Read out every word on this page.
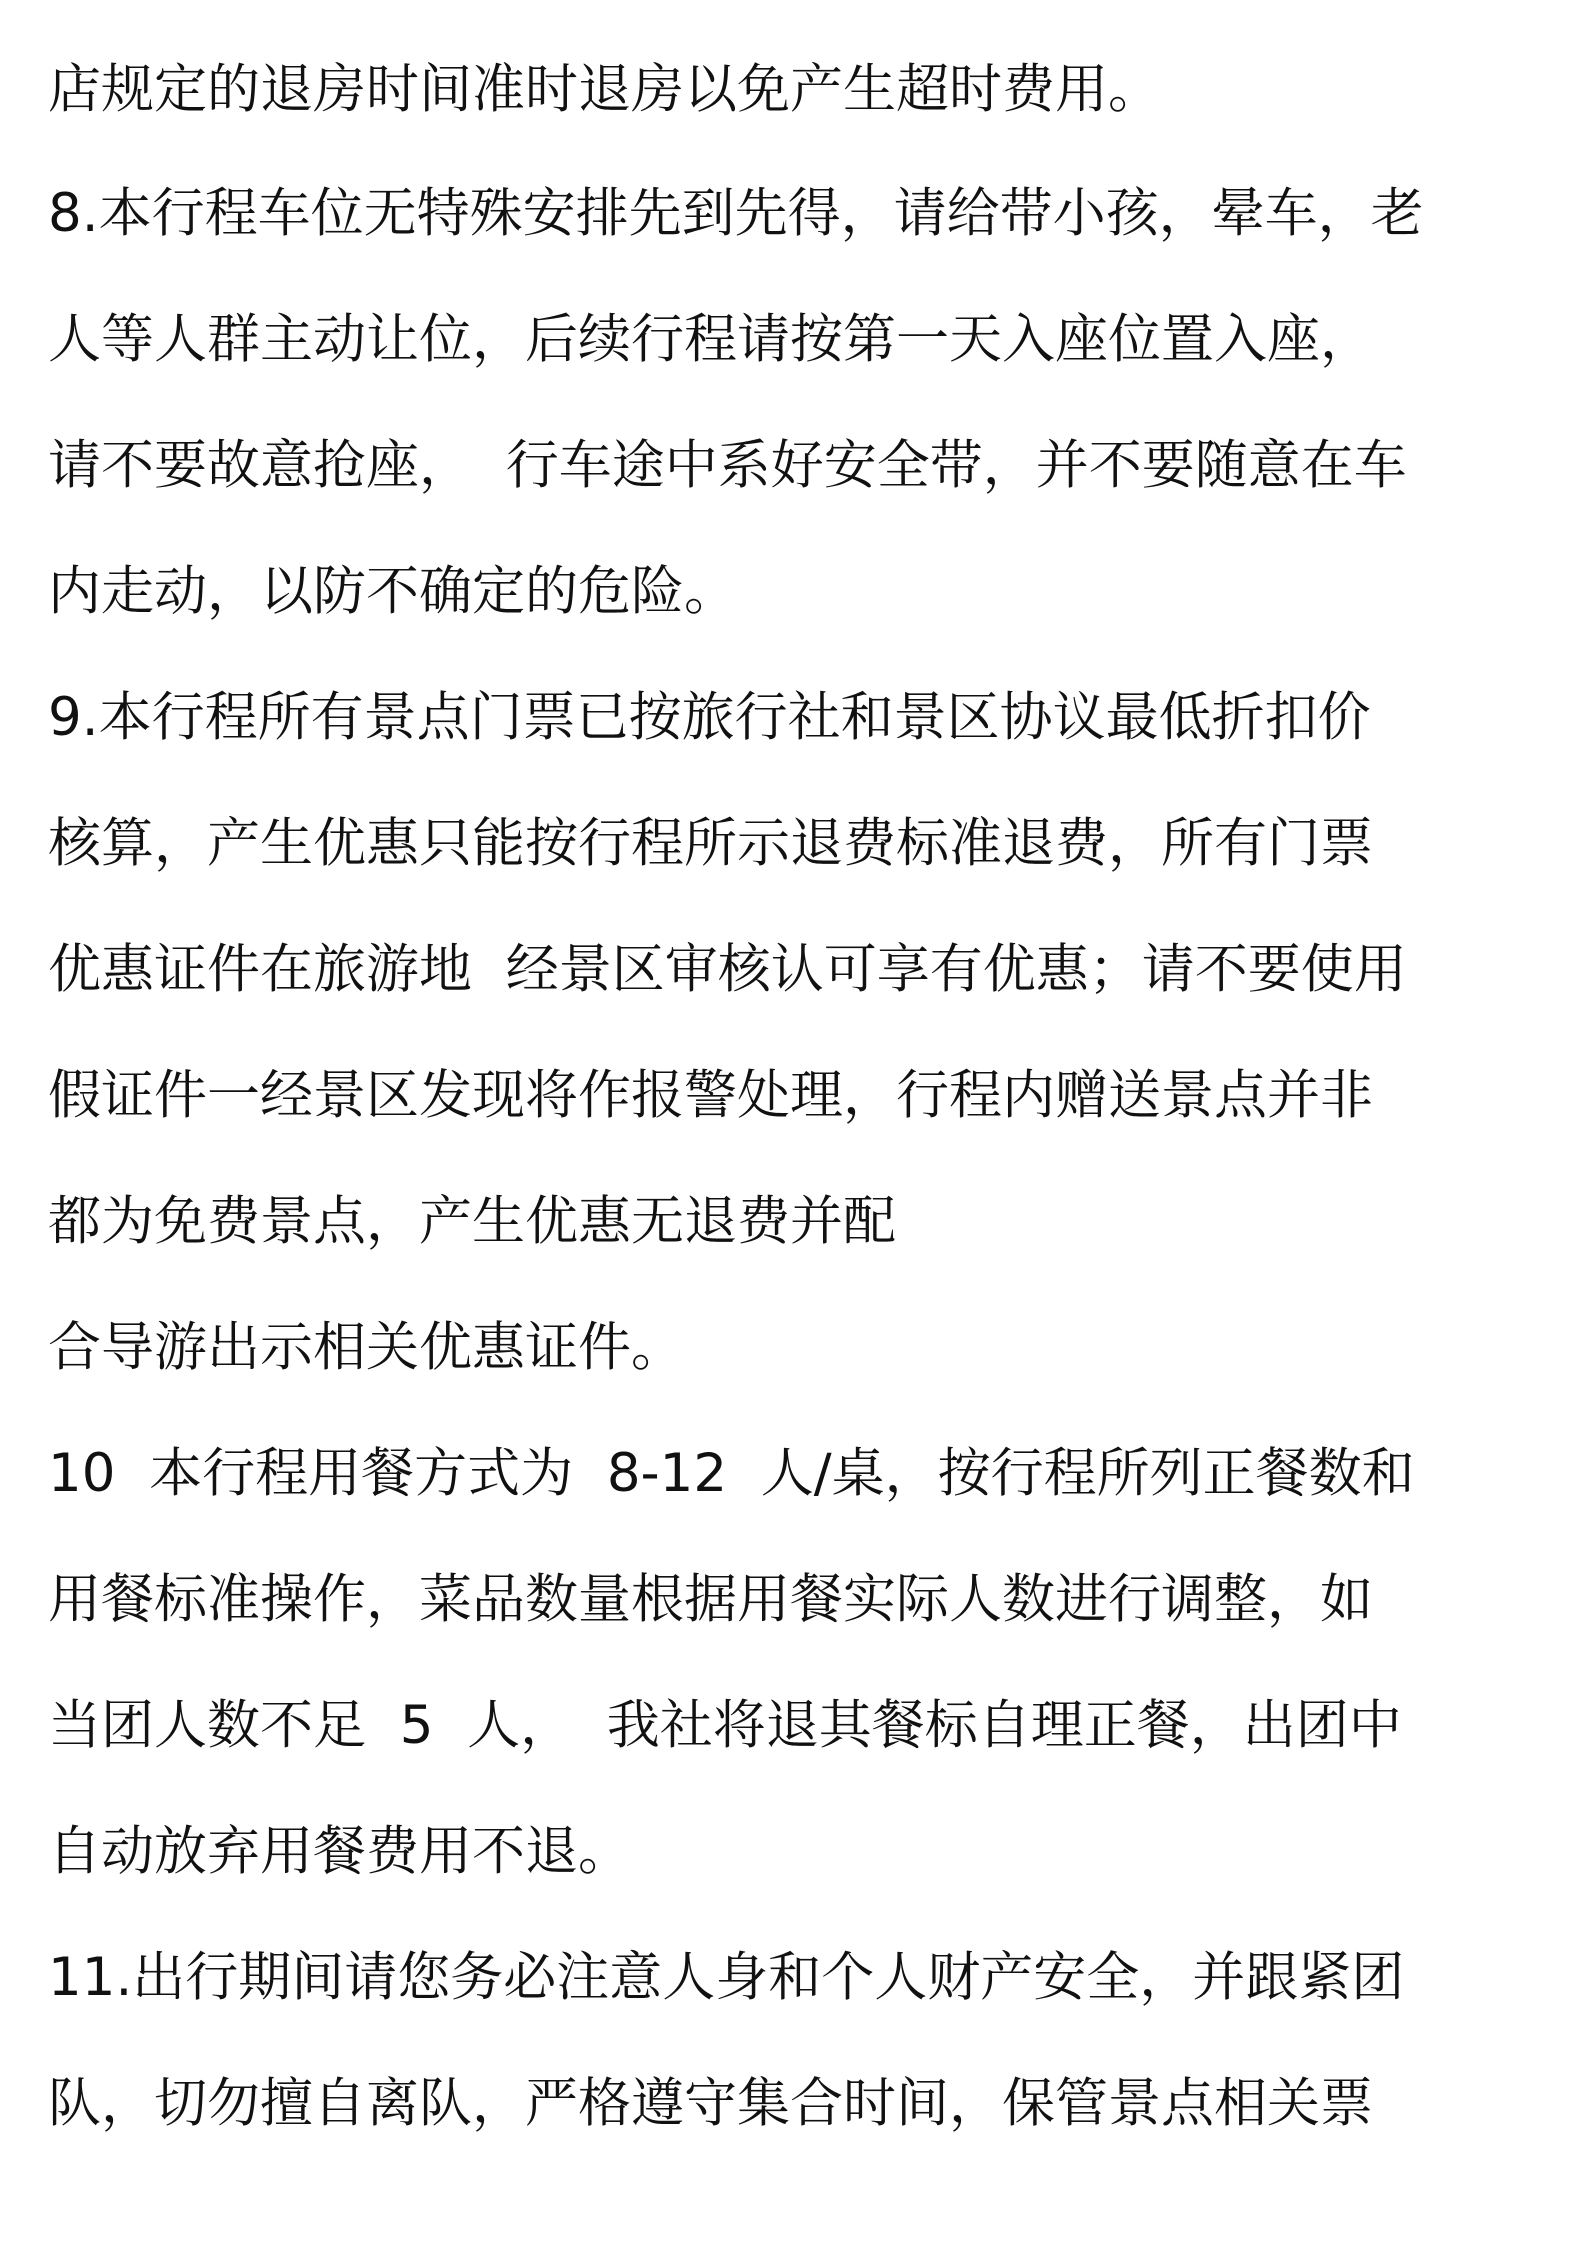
店规定的退房时间准时退房以免产生超时费用。
8.本行程车位无特殊安排先到先得，请给带小孩，晕车，老
人等人群主动让位，后续行程请按第一天入座位置入座，
请不要故意抢座，  行车途中系好安全带，并不要随意在车
内走动，以防不确定的危险。
9.本行程所有景点门票已按旅行社和景区协议最低折扣价
核算，产生优惠只能按行程所示退费标准退费，所有门票
优惠证件在旅游地  经景区审核认可享有优惠；请不要使用
假证件一经景区发现将作报警处理，行程内赠送景点并非
都为免费景点，产生优惠无退费并配
合导游出示相关优惠证件。
10  本行程用餐方式为  8-12  人/桌，按行程所列正餐数和
用餐标准操作，菜品数量根据用餐实际人数进行调整，如
当团人数不足  5  人，  我社将退其餐标自理正餐，出团中
自动放弃用餐费用不退。
11.出行期间请您务必注意人身和个人财产安全，并跟紧团
队，切勿擅自离队，严格遵守集合时间，保管景点相关票
